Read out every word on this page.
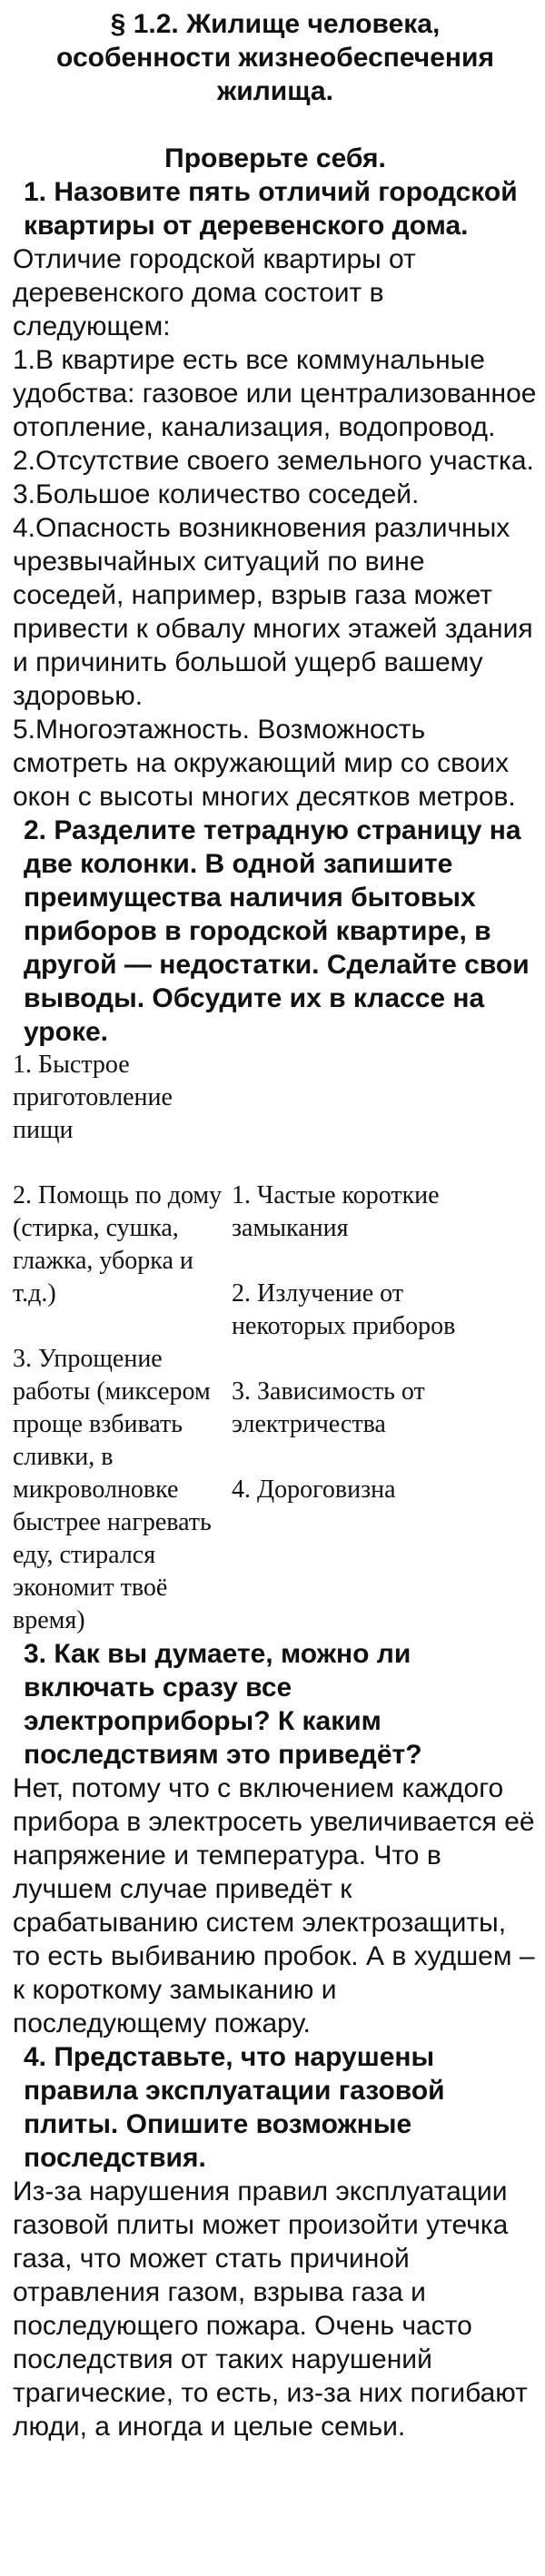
§ 1.2. Жилище человека,
особенности жизнеобеспечения
жилища.
Проверьте себя.
1. Назовите пять отличий городской квартиры от деревенского дома.

Отличие городской квартиры от деревенского дома состоит в следующем:

1.В квартире есть все коммунальные удобства: газовое или централизованное отопление, канализация, водопровод.

2.Отсутствие своего земельного участка.

3.Большое количество соседей.

4.Опасность возникновения различных чрезвычайных ситуаций по вине соседей, например, взрыв газа может привести к обвалу многих этажей здания и причинить большой ущерб вашему здоровью.

5.Многоэтажность. Возможность смотреть на окружающий мир со своих окон с высоты многих десятков метров.

2. Разделите тетрадную страницу на две колонки. В одной запишите преимущества наличия бытовых приборов в городской квартире, в другой — недостатки. Сделайте свои выводы. Обсудите их в классе на уроке.
1. Быстрое приготовление пищи	

2. Помощь по дому (стирка, сушка, глажка, уборка и т.д.)	1. Частые короткие замыкания
2. Излучение от некоторых приборов

3. Упрощение работы (миксером проще взбивать сливки, в микроволновке быстрее нагревать еду, стирался экономит твоё время)	3. Зависимость от электричества
4. Дороговизна
3. Как вы думаете, можно ли включать сразу все электроприборы? К каким последствиям это приведёт?
Нет, потому что с включением каждого прибора в электросеть увеличивается её напряжение и температура. Что в лучшем случае приведёт к срабатыванию систем электрозащиты, то есть выбиванию пробок. А в худшем – к короткому замыканию и последующему пожару.
4. Представьте, что нарушены правила эксплуатации газовой плиты. Опишите возможные последствия.
Из-за нарушения правил эксплуатации газовой плиты может произойти утечка газа, что может стать причиной отравления газом, взрыва газа и последующего пожара. Очень часто последствия от таких нарушений трагические, то есть, из-за них погибают люди, а иногда и целые семьи.
